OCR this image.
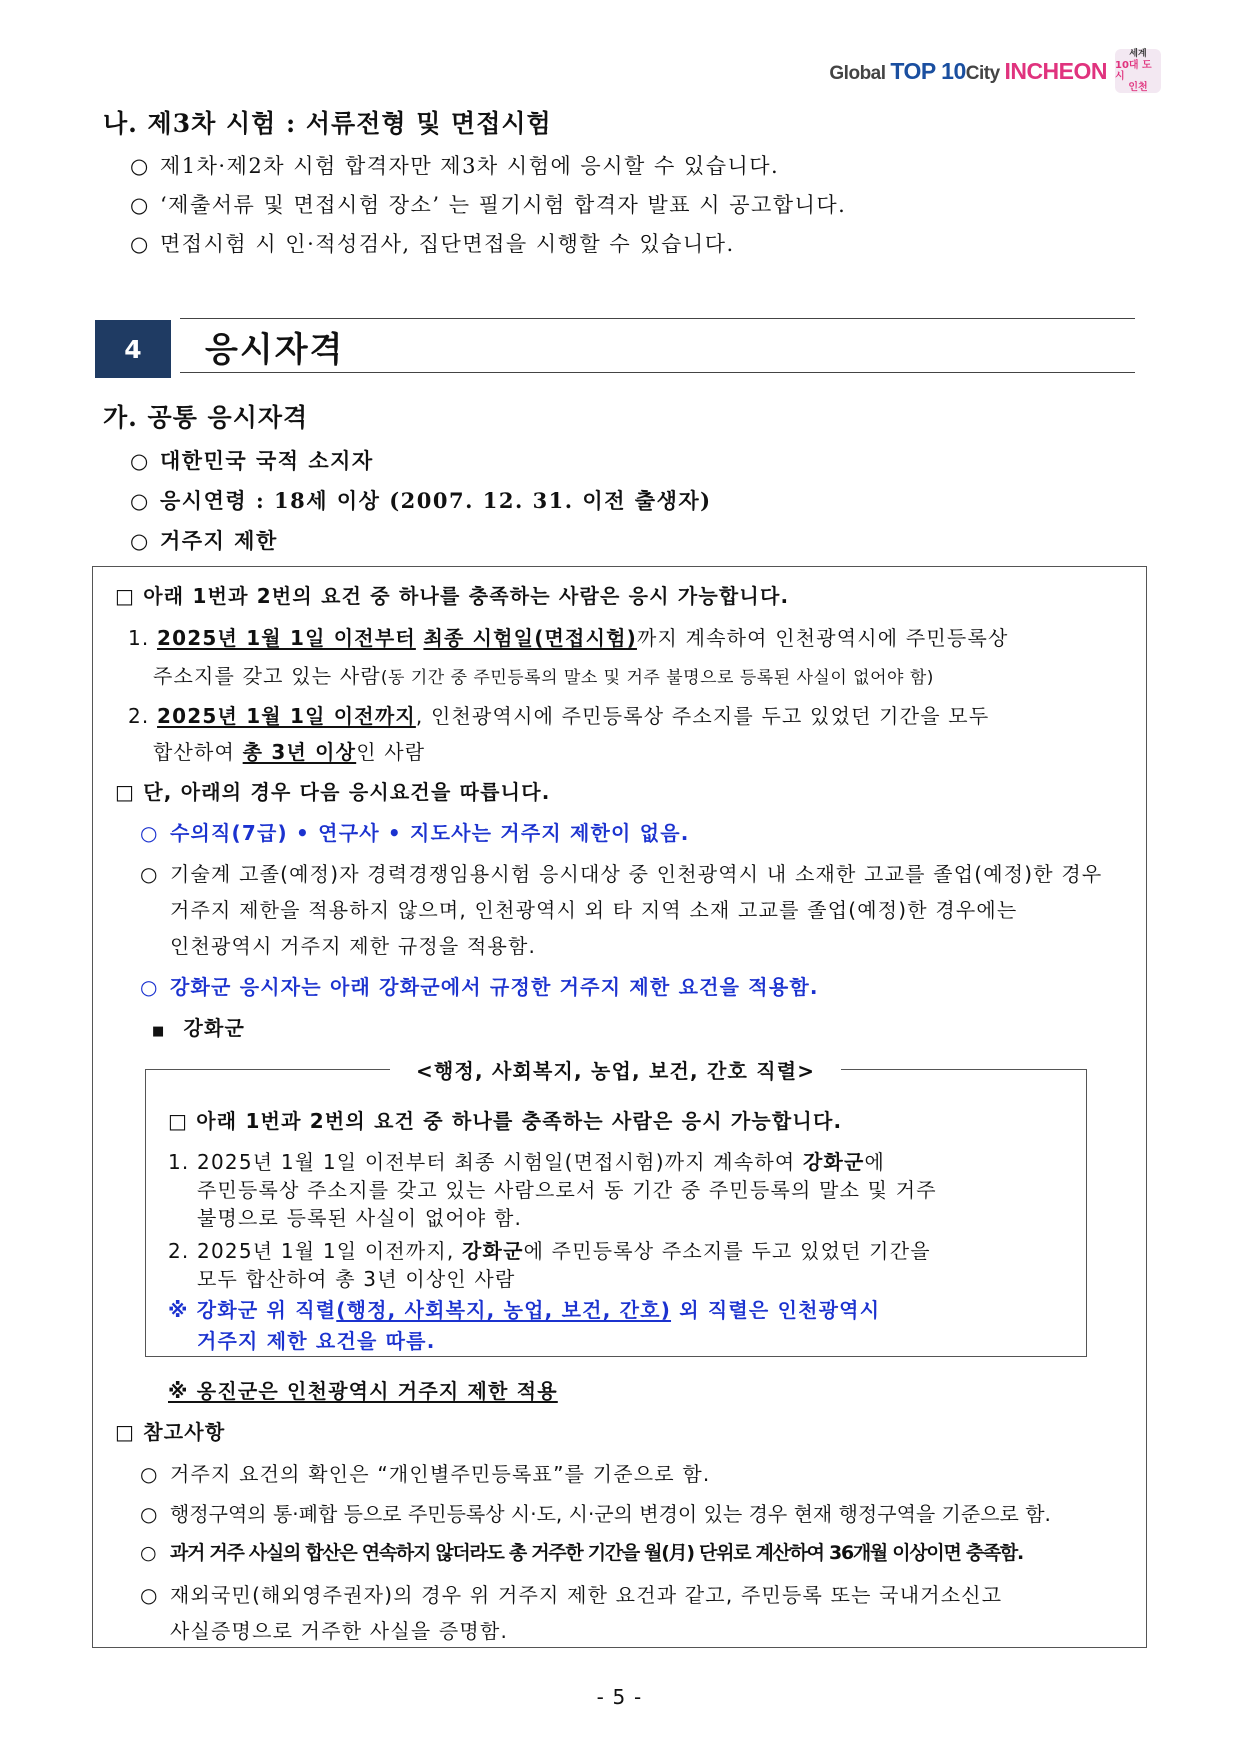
Global TOP 10City INCHEON
세계
10대 도시
인천
나. 제3차 시험 : 서류전형 및 면접시험
○ 제1차·제2차 시험 합격자만 제3차 시험에 응시할 수 있습니다.
○ ‘제출서류 및 면접시험 장소’ 는 필기시험 합격자 발표 시 공고합니다.
○ 면접시험 시 인·적성검사, 집단면접을 시행할 수 있습니다.
4	응시자격
가. 공통 응시자격
○ 대한민국 국적 소지자
○ 응시연령 : 18세 이상 (2007. 12. 31. 이전 출생자)
○ 거주지 제한
□ 아래 1번과 2번의 요건 중 하나를 충족하는 사람은 응시 가능합니다.
1. 2025년 1월 1일 이전부터 최종 시험일(면접시험)까지 계속하여 인천광역시에 주민등록상
주소지를 갖고 있는 사람(동 기간 중 주민등록의 말소 및 거주 불명으로 등록된 사실이 없어야 함)
2. 2025년 1월 1일 이전까지, 인천광역시에 주민등록상 주소지를 두고 있었던 기간을 모두
합산하여 총 3년 이상인 사람
□ 단, 아래의 경우 다음 응시요건을 따릅니다.
○ 수의직(7급) • 연구사 • 지도사는 거주지 제한이 없음.
○ 기술계 고졸(예정)자 경력경쟁임용시험 응시대상 중 인천광역시 내 소재한 고교를 졸업(예정)한 경우
거주지 제한을 적용하지 않으며, 인천광역시 외 타 지역 소재 고교를 졸업(예정)한 경우에는
인천광역시 거주지 제한 규정을 적용함.
○ 강화군 응시자는 아래 강화군에서 규정한 거주지 제한 요건을 적용함.
■ 강화군
<행정, 사회복지, 농업, 보건, 간호 직렬>
□ 아래 1번과 2번의 요건 중 하나를 충족하는 사람은 응시 가능합니다.
1. 2025년 1월 1일 이전부터 최종 시험일(면접시험)까지 계속하여 강화군에
주민등록상 주소지를 갖고 있는 사람으로서 동 기간 중 주민등록의 말소 및 거주
불명으로 등록된 사실이 없어야 함.
2. 2025년 1월 1일 이전까지, 강화군에 주민등록상 주소지를 두고 있었던 기간을
모두 합산하여 총 3년 이상인 사람
※ 강화군 위 직렬(행정, 사회복지, 농업, 보건, 간호) 외 직렬은 인천광역시
거주지 제한 요건을 따름.
※ 옹진군은 인천광역시 거주지 제한 적용
□ 참고사항
○ 거주지 요건의 확인은 “개인별주민등록표”를 기준으로 함.
○ 행정구역의 통·폐합 등으로 주민등록상 시·도, 시·군의 변경이 있는 경우 현재 행정구역을 기준으로 함.
○ 과거 거주 사실의 합산은 연속하지 않더라도 총 거주한 기간을 월(月) 단위로 계산하여 36개월 이상이면 충족함.
○ 재외국민(해외영주권자)의 경우 위 거주지 제한 요건과 같고, 주민등록 또는 국내거소신고
사실증명으로 거주한 사실을 증명함.
- 5 -
